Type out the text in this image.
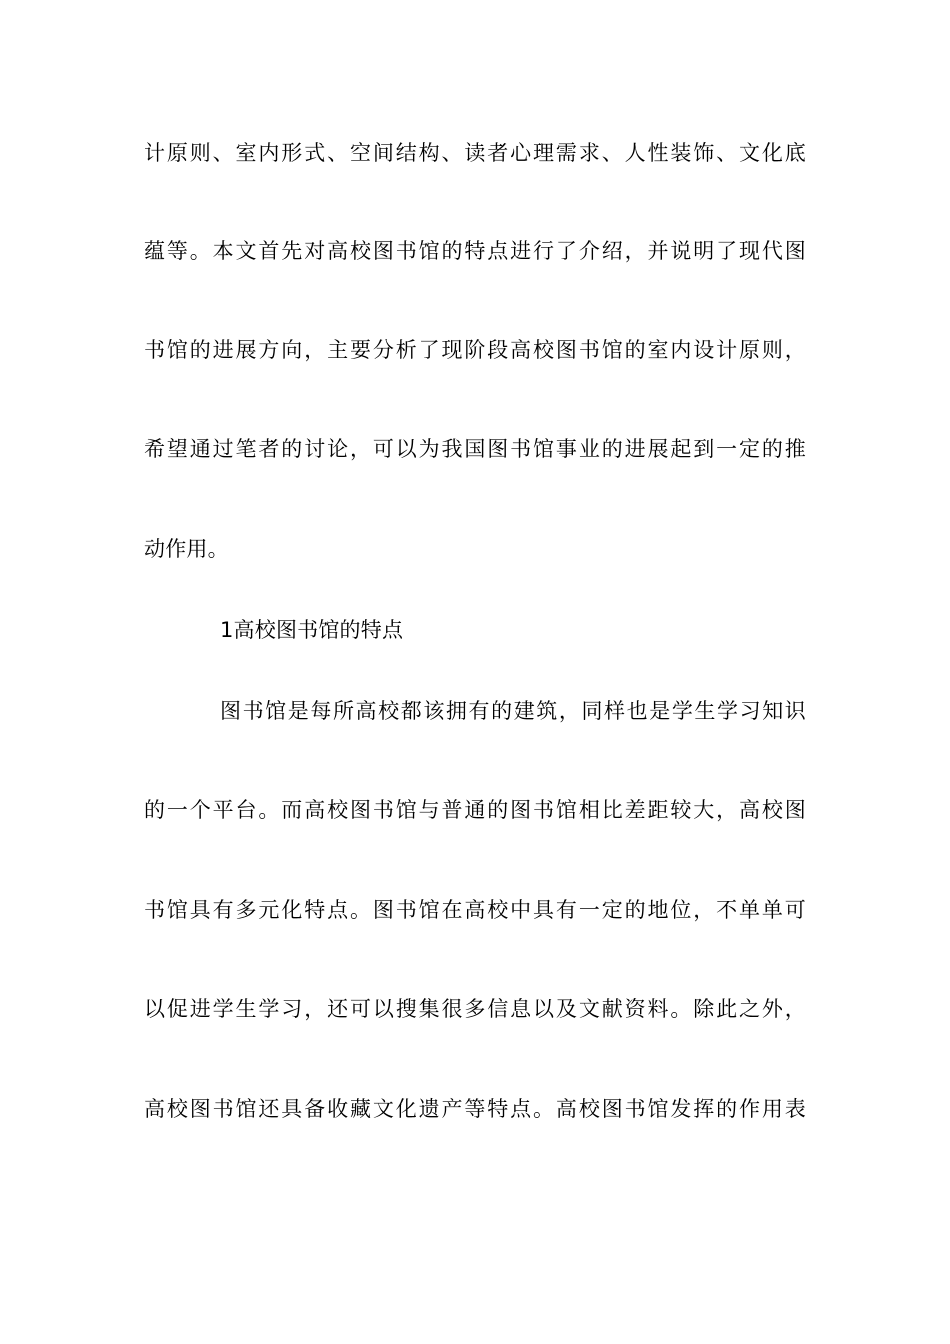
计原则、室内形式、空间结构、读者心理需求、人性装饰、文化底
蕴等。本文首先对高校图书馆的特点进行了介绍，并说明了现代图
书馆的进展方向，主要分析了现阶段高校图书馆的室内设计原则，
希望通过笔者的讨论，可以为我国图书馆事业的进展起到一定的推
动作用。
1高校图书馆的特点
图书馆是每所高校都该拥有的建筑，同样也是学生学习知识
的一个平台。而高校图书馆与普通的图书馆相比差距较大，高校图
书馆具有多元化特点。图书馆在高校中具有一定的地位，不单单可
以促进学生学习，还可以搜集很多信息以及文献资料。除此之外，
高校图书馆还具备收藏文化遗产等特点。高校图书馆发挥的作用表
